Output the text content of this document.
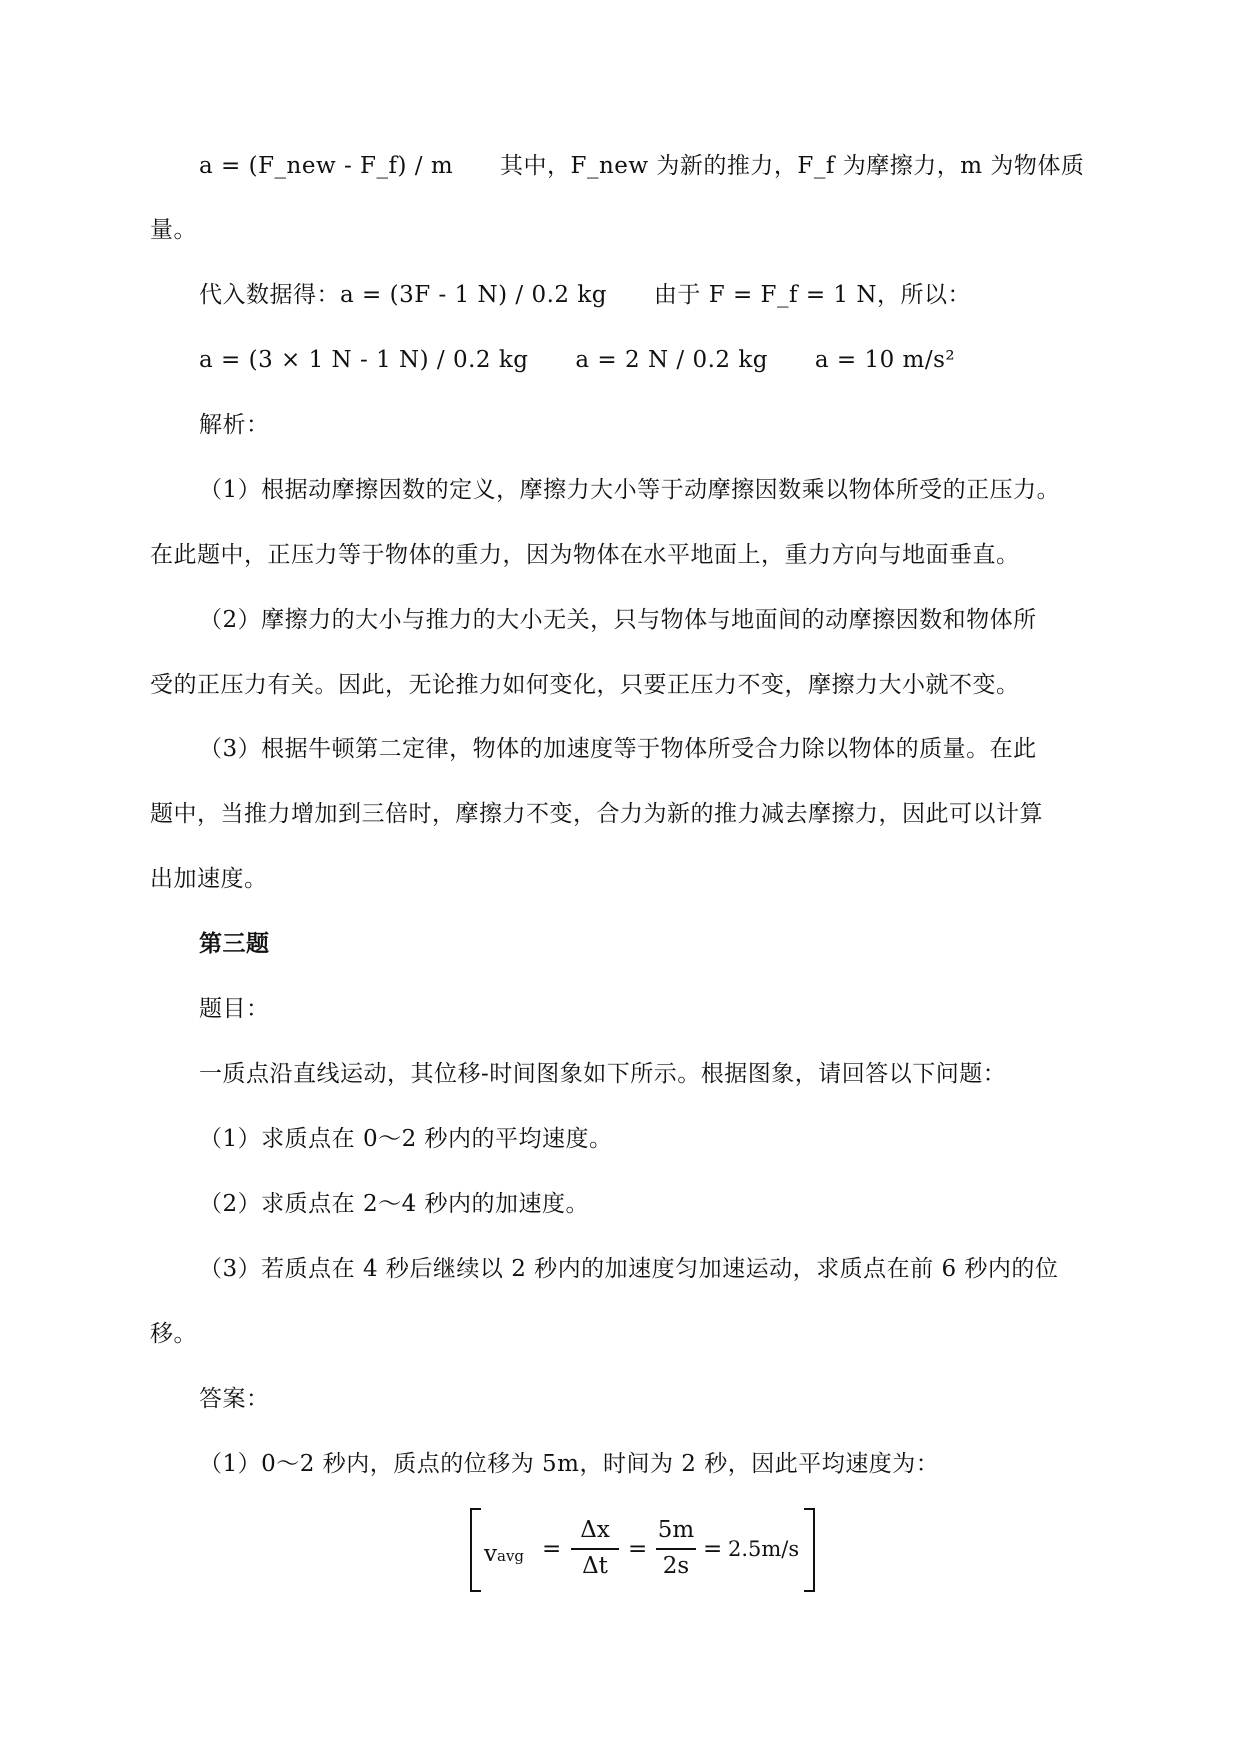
a = (F_new - F_f) / m      其中，F_new 为新的推力，F_f 为摩擦力，m 为物体质
量。
代入数据得：a = (3F - 1 N) / 0.2 kg      由于 F = F_f = 1 N，所以：
a = (3 × 1 N - 1 N) / 0.2 kg      a = 2 N / 0.2 kg      a = 10 m/s²
解析：
（1）根据动摩擦因数的定义，摩擦力大小等于动摩擦因数乘以物体所受的正压力。
在此题中，正压力等于物体的重力，因为物体在水平地面上，重力方向与地面垂直。
（2）摩擦力的大小与推力的大小无关，只与物体与地面间的动摩擦因数和物体所
受的正压力有关。因此，无论推力如何变化，只要正压力不变，摩擦力大小就不变。
（3）根据牛顿第二定律，物体的加速度等于物体所受合力除以物体的质量。在此
题中，当推力增加到三倍时，摩擦力不变，合力为新的推力减去摩擦力，因此可以计算
出加速度。
第三题
题目：
一质点沿直线运动，其位移-时间图象如下所示。根据图象，请回答以下问题：
（1）求质点在 0～2 秒内的平均速度。
（2）求质点在 2～4 秒内的加速度。
（3）若质点在 4 秒后继续以 2 秒内的加速度匀加速运动，求质点在前 6 秒内的位
移。
答案：
（1）0～2 秒内，质点的位移为 5m，时间为 2 秒，因此平均速度为：
vavg =
Δx
Δt
=
5m
2s
= 2.5m/s
